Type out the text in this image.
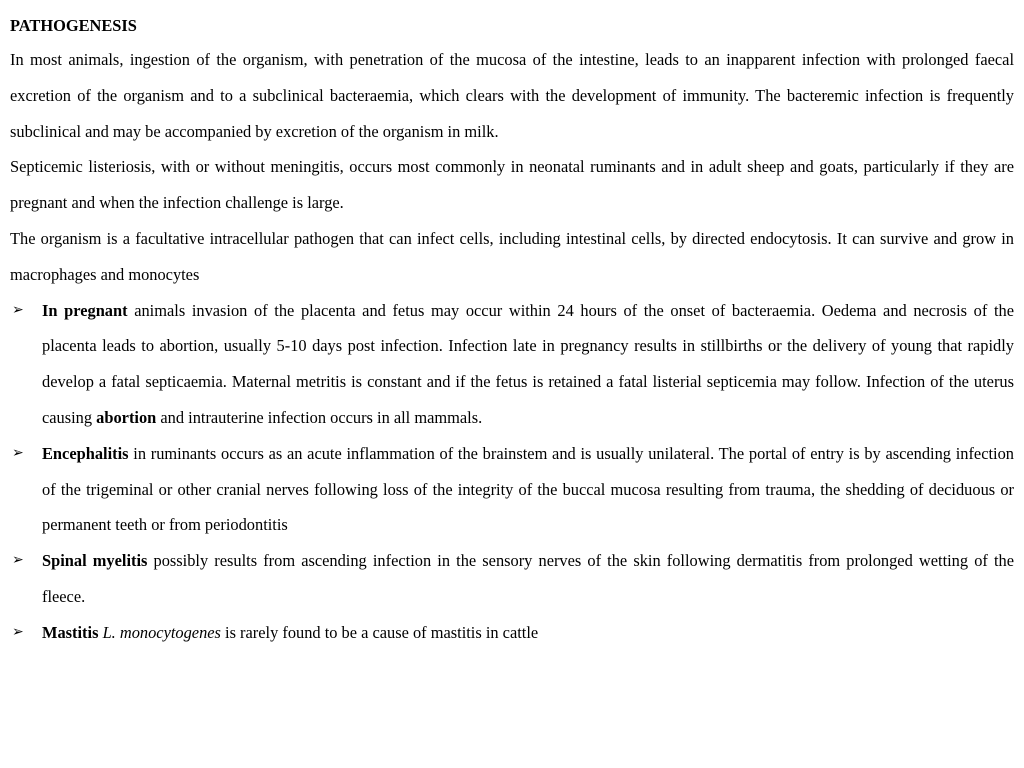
PATHOGENESIS

In most animals, ingestion of the organism, with penetration of the mucosa of the intestine, leads to an inapparent infection with prolonged faecal excretion of the organism and to a subclinical bacteraemia, which clears with the development of immunity. The bacteremic infection is frequently subclinical and may be accompanied by excretion of the organism in milk.

Septicemic listeriosis, with or without meningitis, occurs most commonly in neonatal ruminants and in adult sheep and goats, particularly if they are pregnant and when the infection challenge is large.

The organism is a facultative intracellular pathogen that can infect cells, including intestinal cells, by directed endocytosis. It can survive and grow in macrophages and monocytes

➢ In pregnant animals invasion of the placenta and fetus may occur within 24 hours of the onset of bacteraemia. Oedema and necrosis of the placenta leads to abortion, usually 5-10 days post infection. Infection late in pregnancy results in stillbirths or the delivery of young that rapidly develop a fatal septicaemia. Maternal metritis is constant and if the fetus is retained a fatal listerial septicemia may follow. Infection of the uterus causing abortion and intrauterine infection occurs in all mammals.
➢ Encephalitis in ruminants occurs as an acute inflammation of the brainstem and is usually unilateral. The portal of entry is by ascending infection of the trigeminal or other cranial nerves following loss of the integrity of the buccal mucosa resulting from trauma, the shedding of deciduous or permanent teeth or from periodontitis
➢ Spinal myelitis possibly results from ascending infection in the sensory nerves of the skin following dermatitis from prolonged wetting of the fleece.
➢ Mastitis L. monocytogenes is rarely found to be a cause of mastitis in cattle
